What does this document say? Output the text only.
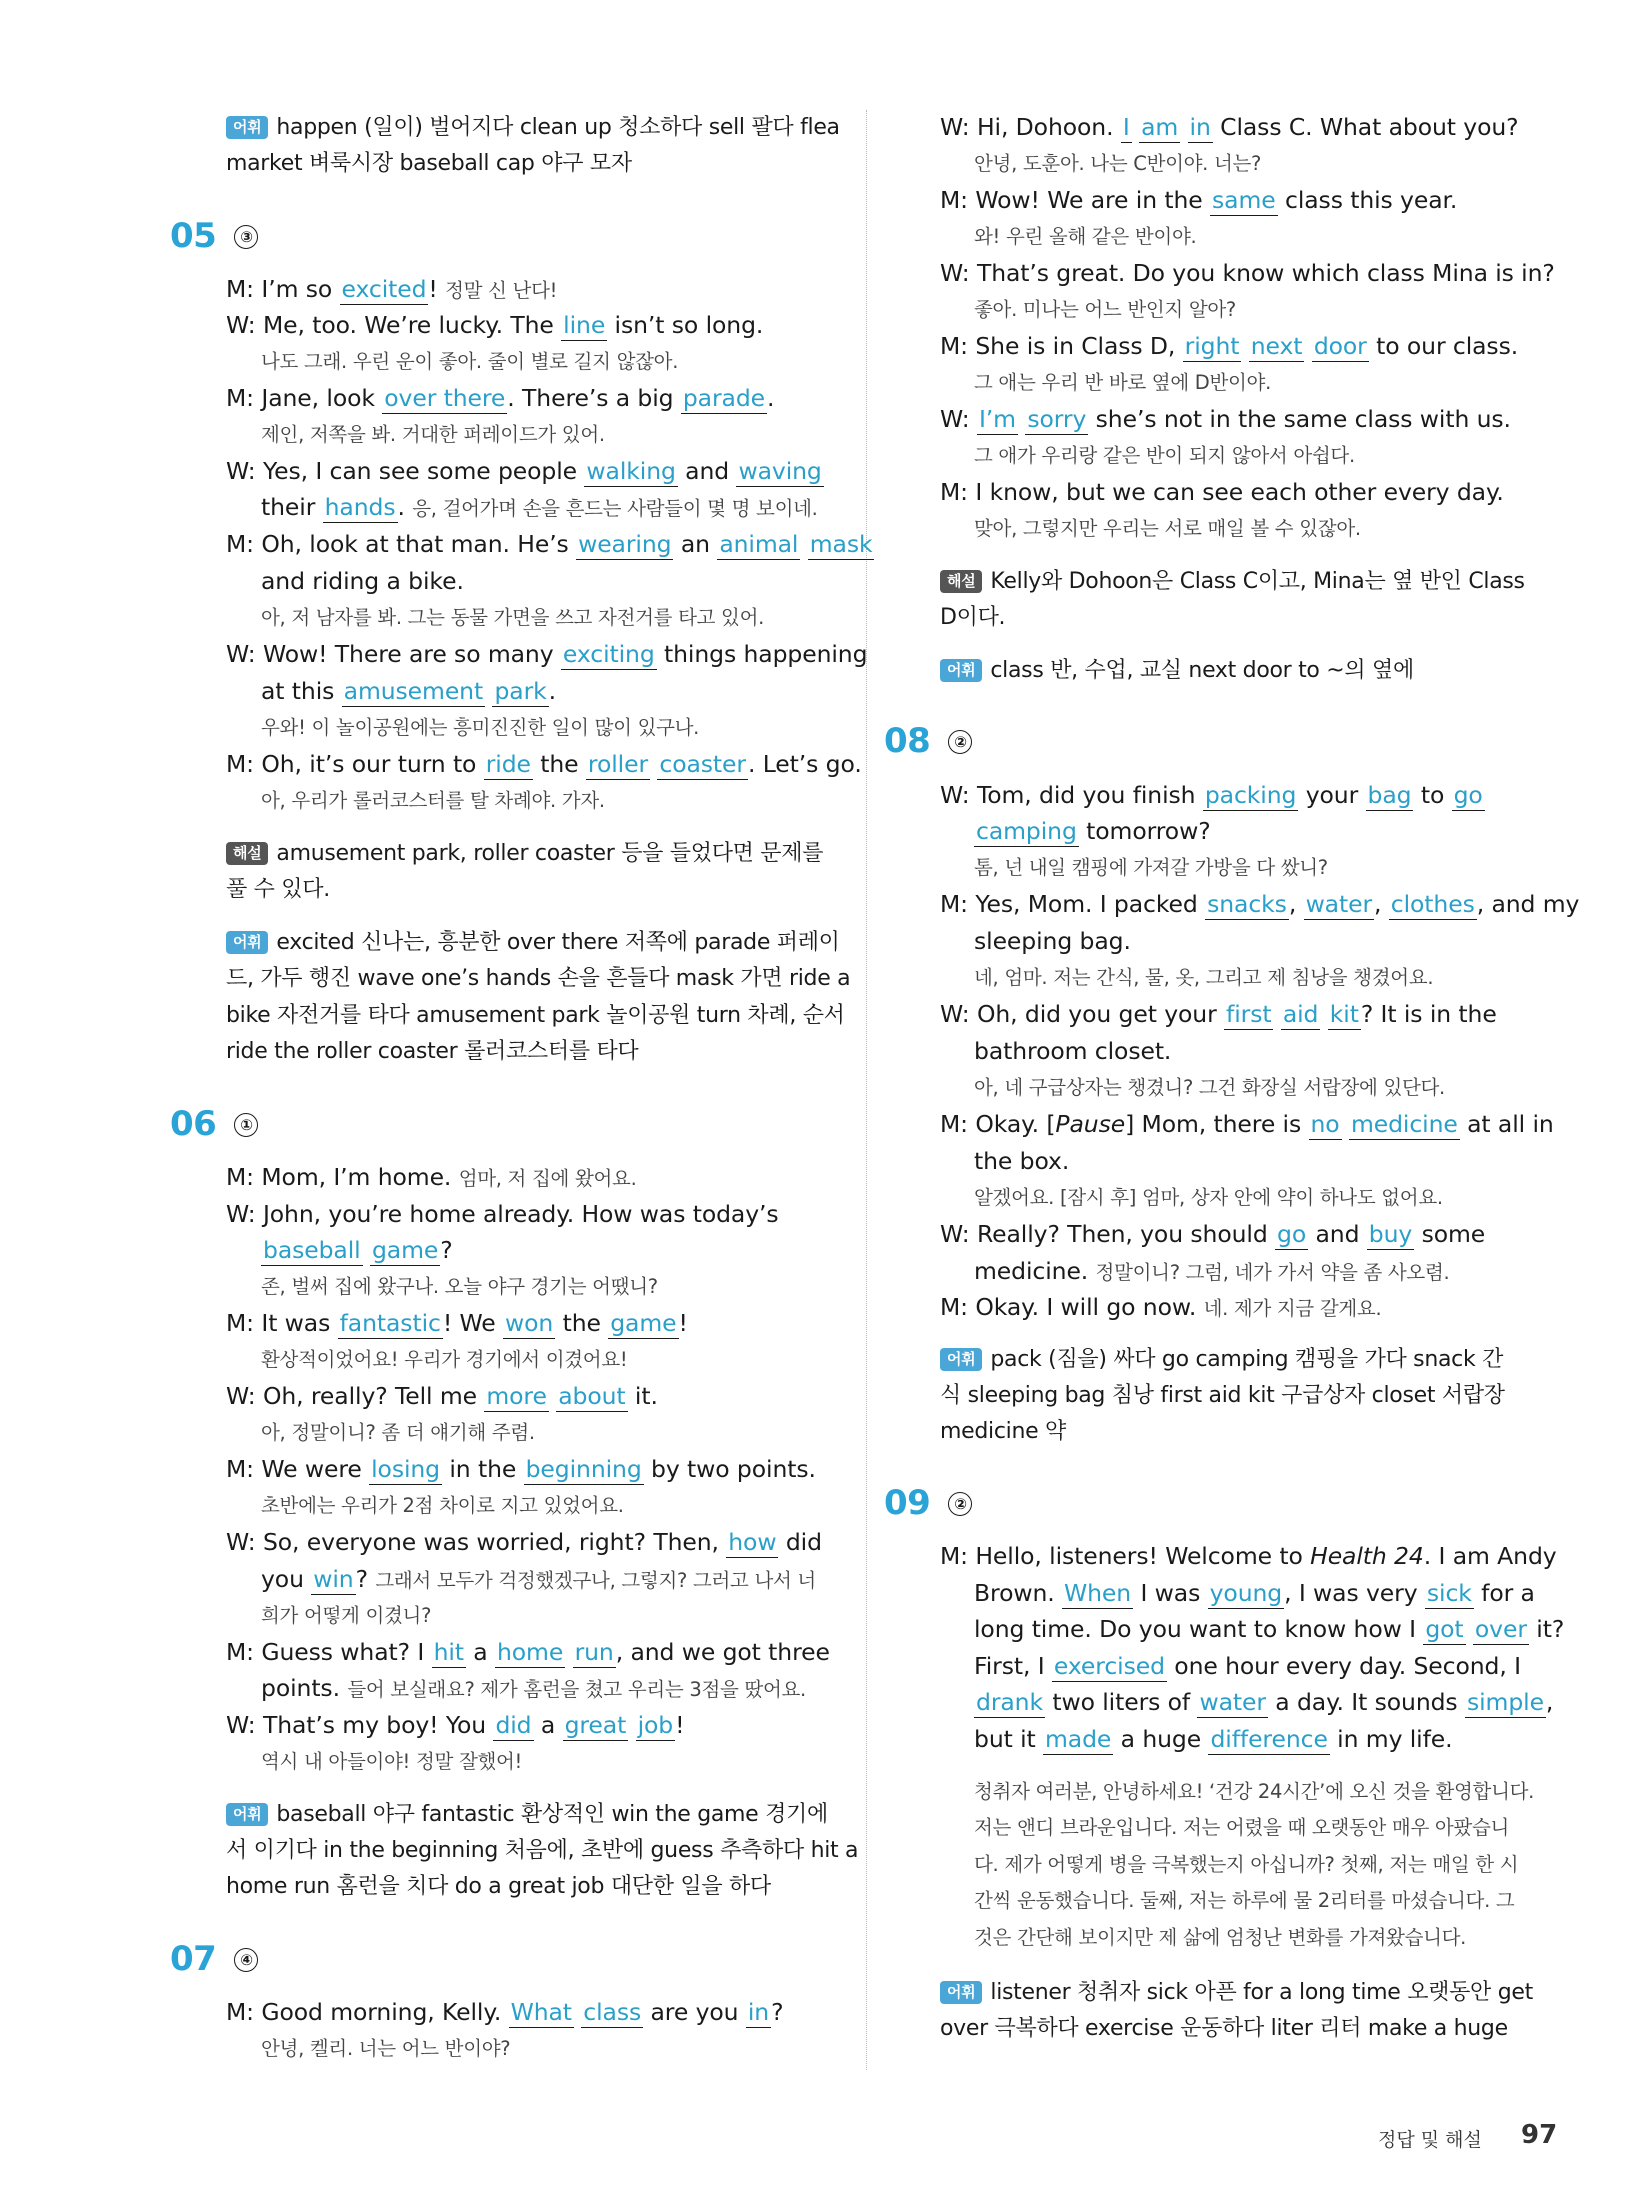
어휘 happen (일이) 벌어지다 clean up 청소하다 sell 팔다 flea
market 벼룩시장 baseball cap 야구 모자
05 ③
M: I’m so excited! 정말 신 난다!
W: Me, too. We’re lucky. The line isn’t so long.
나도 그래. 우린 운이 좋아. 줄이 별로 길지 않잖아.
M: Jane, look over there. There’s a big parade.
제인, 저쪽을 봐. 거대한 퍼레이드가 있어.
W: Yes, I can see some people walking and waving
their hands. 응, 걸어가며 손을 흔드는 사람들이 몇 명 보이네.
M: Oh, look at that man. He’s wearing an animal mask
and riding a bike.
아, 저 남자를 봐. 그는 동물 가면을 쓰고 자전거를 타고 있어.
W: Wow! There are so many exciting things happening
at this amusement park.
우와! 이 놀이공원에는 흥미진진한 일이 많이 있구나.
M: Oh, it’s our turn to ride the roller coaster. Let’s go.
아, 우리가 롤러코스터를 탈 차례야. 가자.
해설 amusement park, roller coaster 등을 들었다면 문제를
풀 수 있다.
어휘 excited 신나는, 흥분한 over there 저쪽에 parade 퍼레이
드, 가두 행진 wave one’s hands 손을 흔들다 mask 가면 ride a
bike 자전거를 타다 amusement park 놀이공원 turn 차례, 순서
ride the roller coaster 롤러코스터를 타다
06 ①
M: Mom, I’m home. 엄마, 저 집에 왔어요.
W: John, you’re home already. How was today’s
baseball game?
존, 벌써 집에 왔구나. 오늘 야구 경기는 어땠니?
M: It was fantastic! We won the game!
환상적이었어요! 우리가 경기에서 이겼어요!
W: Oh, really? Tell me more about it.
아, 정말이니? 좀 더 얘기해 주렴.
M: We were losing in the beginning by two points.
초반에는 우리가 2점 차이로 지고 있었어요.
W: So, everyone was worried, right? Then, how did
you win? 그래서 모두가 걱정했겠구나, 그렇지? 그러고 나서 너
희가 어떻게 이겼니?
M: Guess what? I hit a home run, and we got three
points. 들어 보실래요? 제가 홈런을 쳤고 우리는 3점을 땄어요.
W: That’s my boy! You did a great job!
역시 내 아들이야! 정말 잘했어!
어휘 baseball 야구 fantastic 환상적인 win the game 경기에
서 이기다 in the beginning 처음에, 초반에 guess 추측하다 hit a
home run 홈런을 치다 do a great job 대단한 일을 하다
07 ④
M: Good morning, Kelly. What class are you in?
안녕, 켈리. 너는 어느 반이야?
W: Hi, Dohoon. I am in Class C. What about you?
안녕, 도훈아. 나는 C반이야. 너는?
M: Wow! We are in the same class this year.
와! 우린 올해 같은 반이야.
W: That’s great. Do you know which class Mina is in?
좋아. 미나는 어느 반인지 알아?
M: She is in Class D, right next door to our class.
그 애는 우리 반 바로 옆에 D반이야.
W: I’m sorry she’s not in the same class with us.
그 애가 우리랑 같은 반이 되지 않아서 아쉽다.
M: I know, but we can see each other every day.
맞아, 그렇지만 우리는 서로 매일 볼 수 있잖아.
해설 Kelly와 Dohoon은 Class C이고, Mina는 옆 반인 Class
D이다.
어휘 class 반, 수업, 교실 next door to ~의 옆에
08 ②
W: Tom, did you finish packing your bag to go
camping tomorrow?
톰, 넌 내일 캠핑에 가져갈 가방을 다 쌌니?
M: Yes, Mom. I packed snacks, water, clothes, and my
sleeping bag.
네, 엄마. 저는 간식, 물, 옷, 그리고 제 침낭을 챙겼어요.
W: Oh, did you get your first aid kit? It is in the
bathroom closet.
아, 네 구급상자는 챙겼니? 그건 화장실 서랍장에 있단다.
M: Okay. [Pause] Mom, there is no medicine at all in
the box.
알겠어요. [잠시 후] 엄마, 상자 안에 약이 하나도 없어요.
W: Really? Then, you should go and buy some
medicine. 정말이니? 그럼, 네가 가서 약을 좀 사오렴.
M: Okay. I will go now. 네. 제가 지금 갈게요.
어휘 pack (짐을) 싸다 go camping 캠핑을 가다 snack 간
식 sleeping bag 침낭 first aid kit 구급상자 closet 서랍장
medicine 약
09 ②
M: Hello, listeners! Welcome to Health 24. I am Andy
Brown. When I was young, I was very sick for a
long time. Do you want to know how I got over it?
First, I exercised one hour every day. Second, I
drank two liters of water a day. It sounds simple,
but it made a huge difference in my life.
청취자 여러분, 안녕하세요! ‘건강 24시간’에 오신 것을 환영합니다.
저는 앤디 브라운입니다. 저는 어렸을 때 오랫동안 매우 아팠습니
다. 제가 어떻게 병을 극복했는지 아십니까? 첫째, 저는 매일 한 시
간씩 운동했습니다. 둘째, 저는 하루에 물 2리터를 마셨습니다. 그
것은 간단해 보이지만 제 삶에 엄청난 변화를 가져왔습니다.
어휘 listener 청취자 sick 아픈 for a long time 오랫동안 get
over 극복하다 exercise 운동하다 liter 리터 make a huge
정답 및 해설 97
